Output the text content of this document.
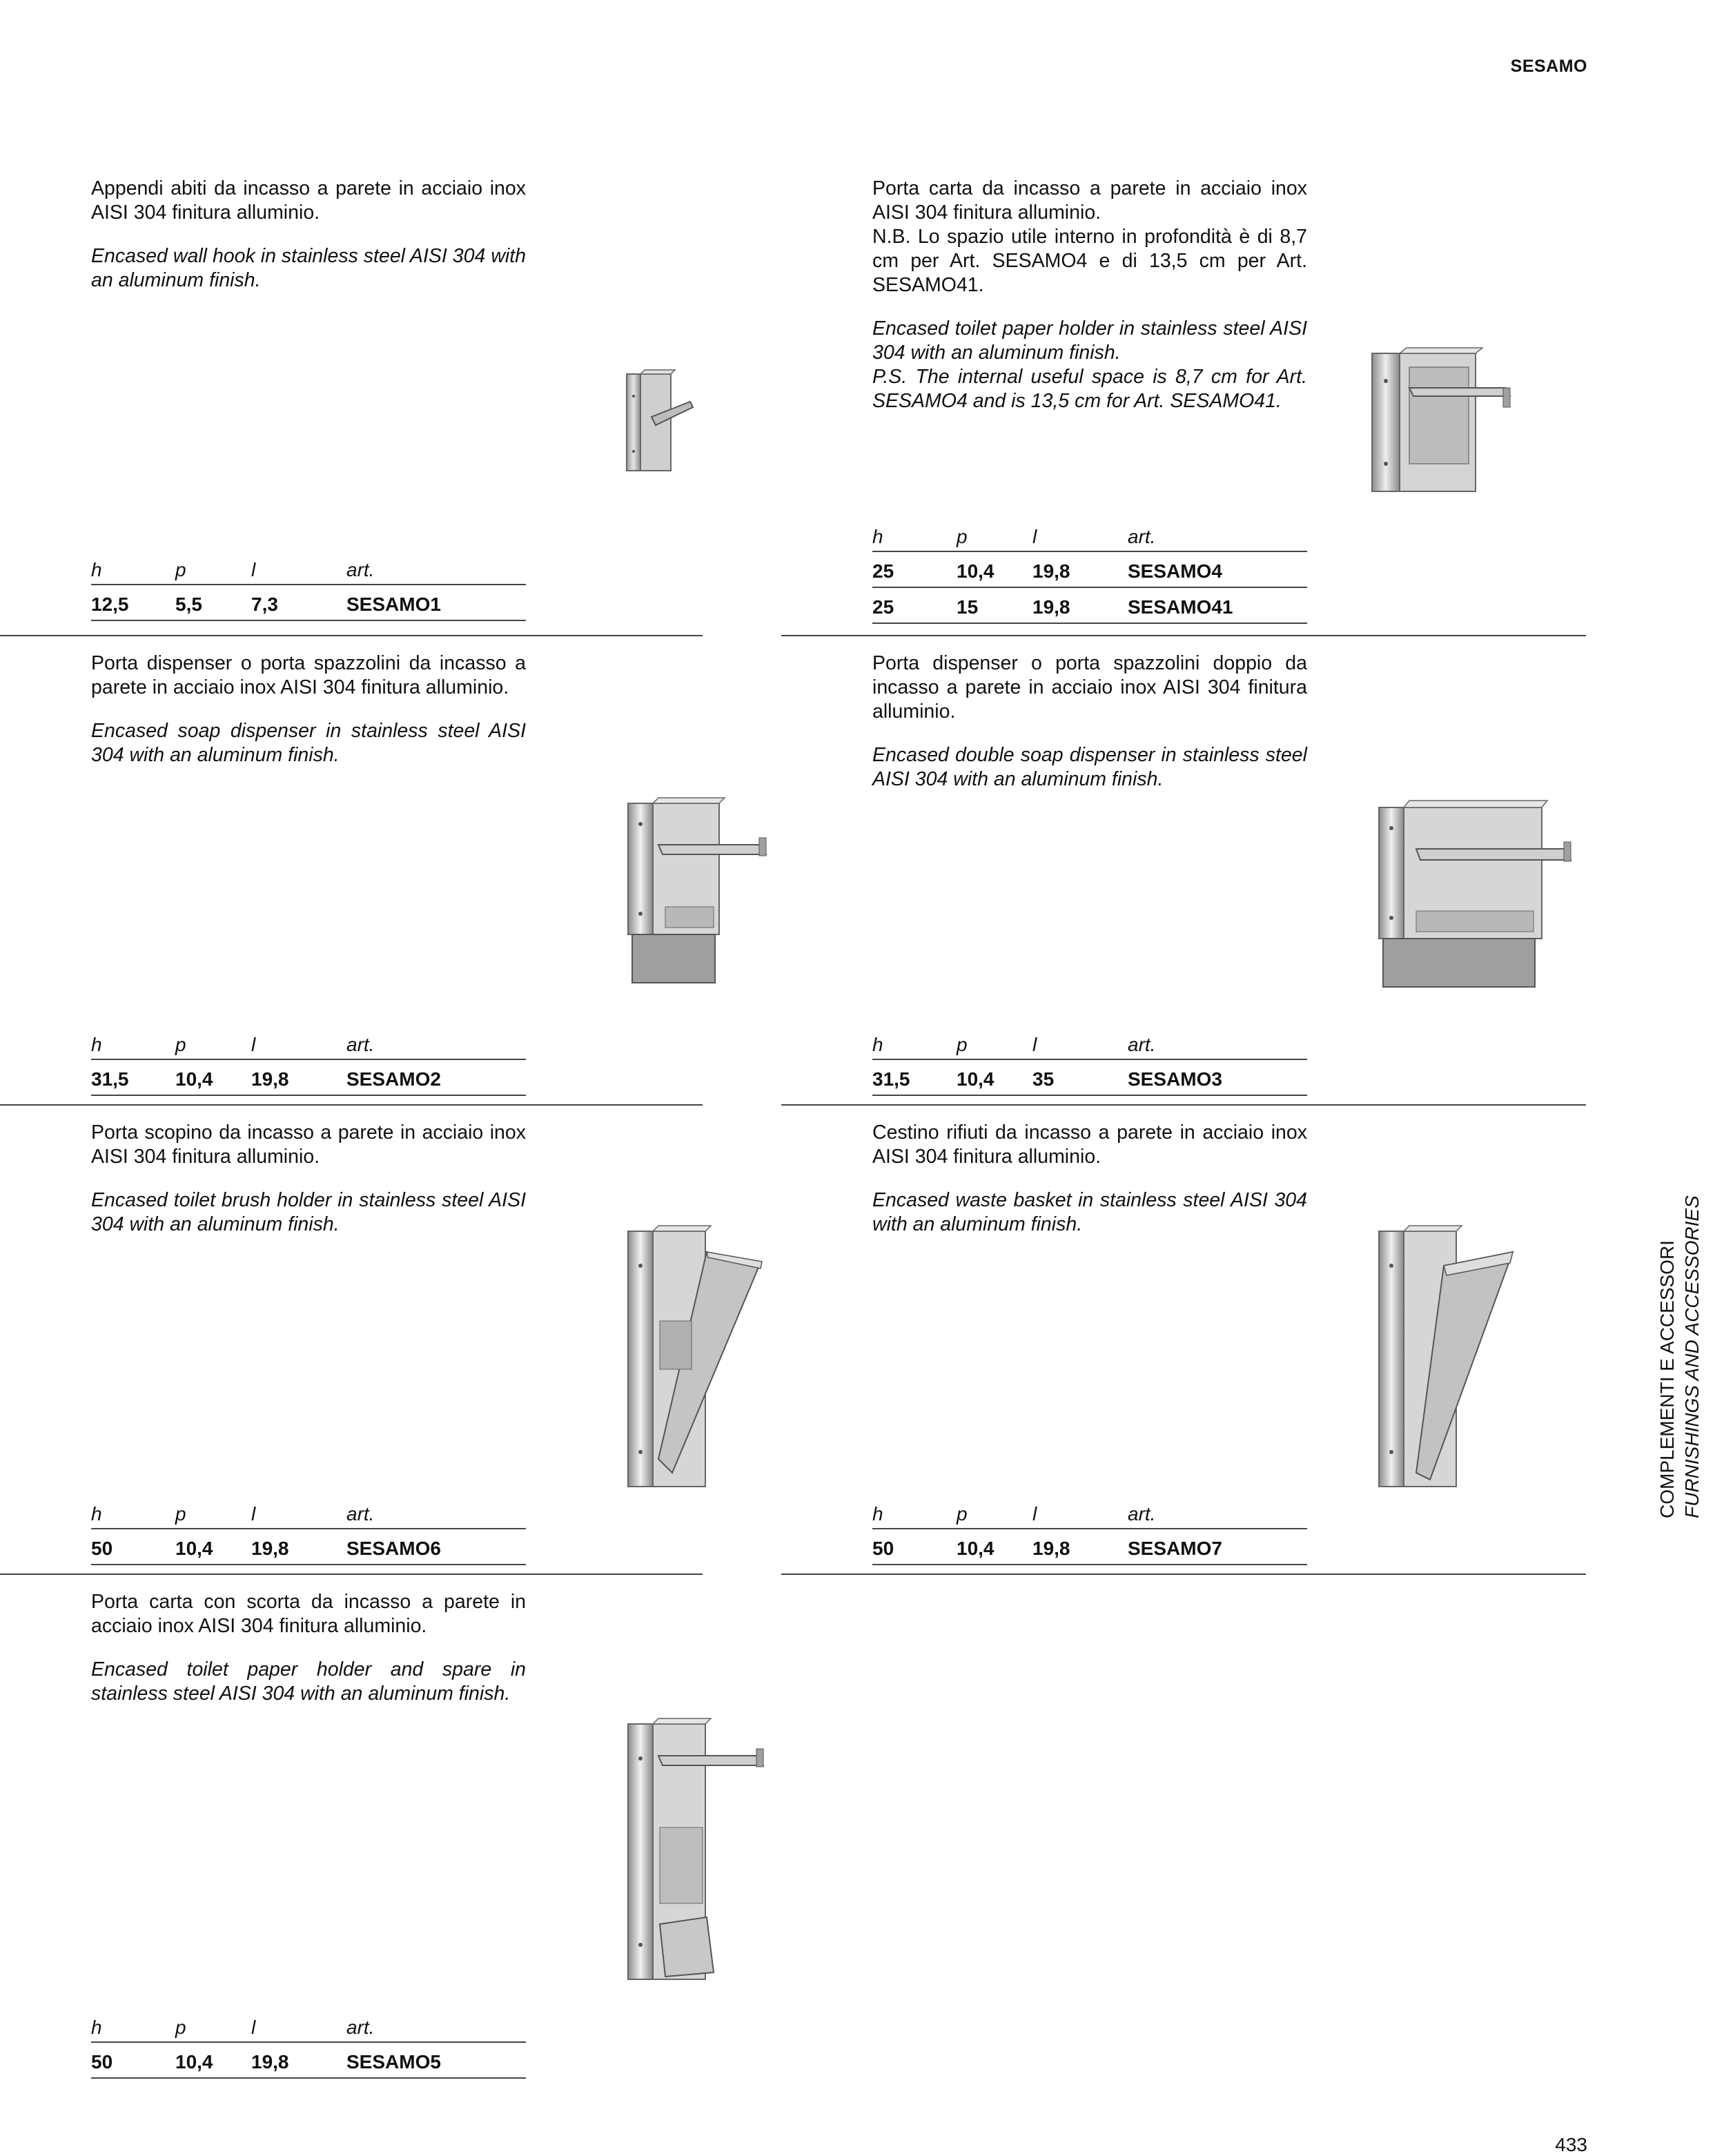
SESAMO
COMPLEMENTI E ACCESSORI FURNISHINGS AND ACCESSORIES

Appendi abiti da incasso a parete in acciaio inox AISI 304 finitura alluminio.

Encased wall hook in stainless steel AISI 304 with an aluminum finish.

h	p	l	art.
12,5	5,5	7,3	SESAMO1

Porta carta da incasso a parete in acciaio inox AISI 304 finitura alluminio.
N.B. Lo spazio utile interno in profondità è di 8,7 cm per Art. SESAMO4 e di 13,5 cm per Art. SESAMO41.

Encased toilet paper holder in stainless steel AISI 304 with an aluminum finish.
P.S. The internal useful space is 8,7 cm for Art. SESAMO4 and is 13,5 cm for Art. SESAMO41.

h	p	l	art.
25	10,4	19,8	SESAMO4
25	15	19,8	SESAMO41

Porta dispenser o porta spazzolini da incasso a parete in acciaio inox AISI 304 finitura alluminio.

Encased soap dispenser in stainless steel AISI 304 with an aluminum finish.

h	p	l	art.
31,5	10,4	19,8	SESAMO2

Porta dispenser o porta spazzolini doppio da incasso a parete in acciaio inox AISI 304 finitura alluminio.

Encased double soap dispenser in stainless steel AISI 304 with an aluminum finish.

h	p	l	art.
31,5	10,4	35	SESAMO3

Porta scopino da incasso a parete in acciaio inox AISI 304 finitura alluminio.

Encased toilet brush holder in stainless steel AISI 304 with an aluminum finish.

h	p	l	art.
50	10,4	19,8	SESAMO6

Cestino rifiuti da incasso a parete in acciaio inox AISI 304 finitura alluminio.

Encased waste basket in stainless steel AISI 304 with an aluminum finish.

h	p	l	art.
50	10,4	19,8	SESAMO7

Porta carta con scorta da incasso a parete in acciaio inox AISI 304 finitura alluminio.

Encased toilet paper holder and spare in stainless steel AISI 304 with an aluminum finish.

h	p	l	art.
50	10,4	19,8	SESAMO5
433
